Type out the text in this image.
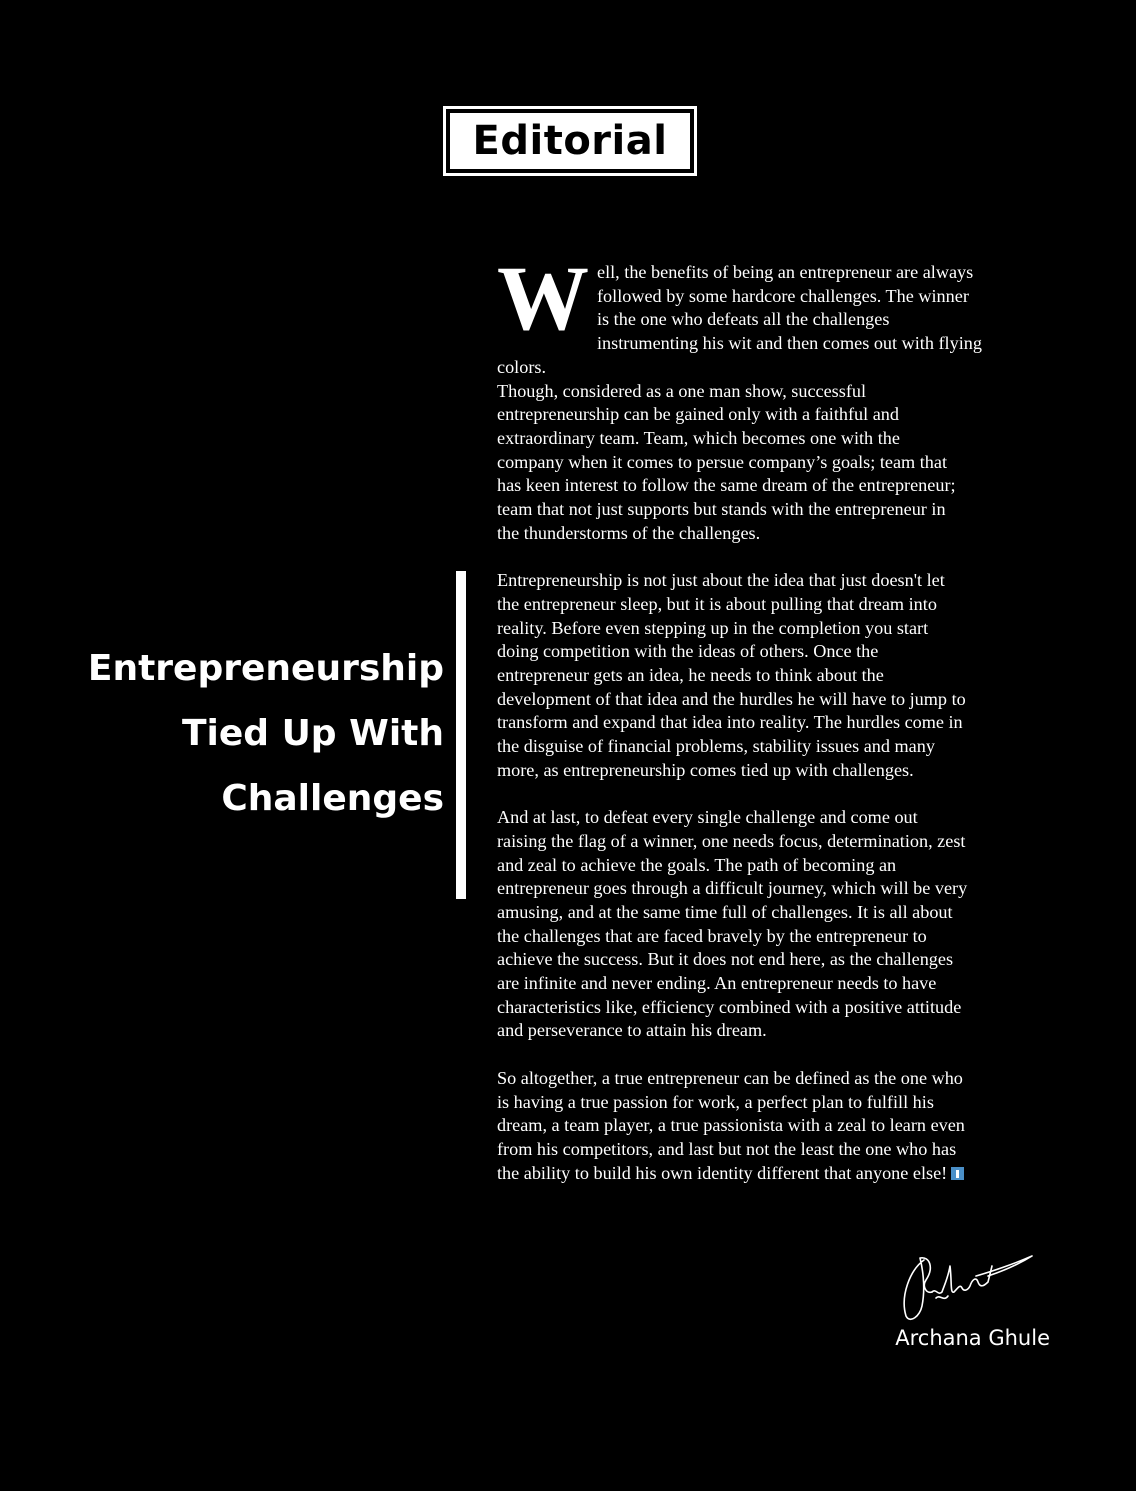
Editorial
Entrepreneurship
Tied Up With
Challenges

Well, the benefits of being an entrepreneur are always
followed by some hardcore challenges. The winner
is the one who defeats all the challenges
instrumenting his wit and then comes out with flying colors.
Though, considered as a one man show, successful
entrepreneurship can be gained only with a faithful and
extraordinary team. Team, which becomes one with the
company when it comes to persue company’s goals; team that
has keen interest to follow the same dream of the entrepreneur;
team that not just supports but stands with the entrepreneur in
the thunderstorms of the challenges.

Entrepreneurship is not just about the idea that just doesn't let
the entrepreneur sleep, but it is about pulling that dream into
reality. Before even stepping up in the completion you start
doing competition with the ideas of others. Once the
entrepreneur gets an idea, he needs to think about the
development of that idea and the hurdles he will have to jump to
transform and expand that idea into reality. The hurdles come in
the disguise of financial problems, stability issues and many
more, as entrepreneurship comes tied up with challenges.

And at last, to defeat every single challenge and come out
raising the flag of a winner, one needs focus, determination, zest
and zeal to achieve the goals. The path of becoming an
entrepreneur goes through a difficult journey, which will be very
amusing, and at the same time full of challenges. It is all about
the challenges that are faced bravely by the entrepreneur to
achieve the success. But it does not end here, as the challenges
are infinite and never ending. An entrepreneur needs to have
characteristics like, efficiency combined with a positive attitude
and perseverance to attain his dream.

So altogether, a true entrepreneur can be defined as the one who
is having a true passion for work, a perfect plan to fulfill his
dream, a team player, a true passionista with a zeal to learn even
from his competitors, and last but not the least the one who has
the ability to build his own identity different that anyone else!

Archana Ghule
